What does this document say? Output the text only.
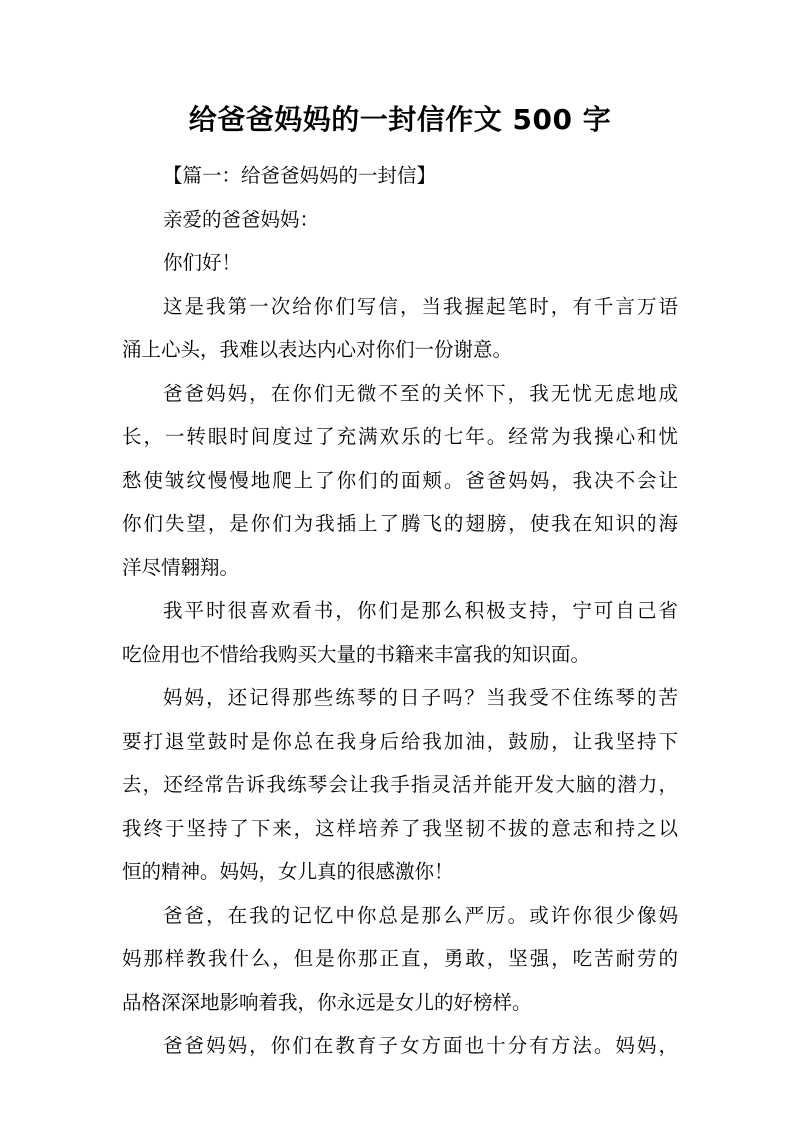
给爸爸妈妈的一封信作文 500 字
【篇一：给爸爸妈妈的一封信】
亲爱的爸爸妈妈：
你们好！
这是我第一次给你们写信，当我握起笔时，有千言万语
涌上心头，我难以表达内心对你们一份谢意。
爸爸妈妈，在你们无微不至的关怀下，我无忧无虑地成
长，一转眼时间度过了充满欢乐的七年。经常为我操心和忧
愁使皱纹慢慢地爬上了你们的面颊。爸爸妈妈，我决不会让
你们失望，是你们为我插上了腾飞的翅膀，使我在知识的海
洋尽情翱翔。
我平时很喜欢看书，你们是那么积极支持，宁可自己省
吃俭用也不惜给我购买大量的书籍来丰富我的知识面。
妈妈，还记得那些练琴的日子吗？当我受不住练琴的苦
要打退堂鼓时是你总在我身后给我加油，鼓励，让我坚持下
去，还经常告诉我练琴会让我手指灵活并能开发大脑的潜力，
我终于坚持了下来，这样培养了我坚韧不拔的意志和持之以
恒的精神。妈妈，女儿真的很感激你！
爸爸，在我的记忆中你总是那么严厉。或许你很少像妈
妈那样教我什么，但是你那正直，勇敢，坚强，吃苦耐劳的
品格深深地影响着我，你永远是女儿的好榜样。
爸爸妈妈，你们在教育子女方面也十分有方法。妈妈，
